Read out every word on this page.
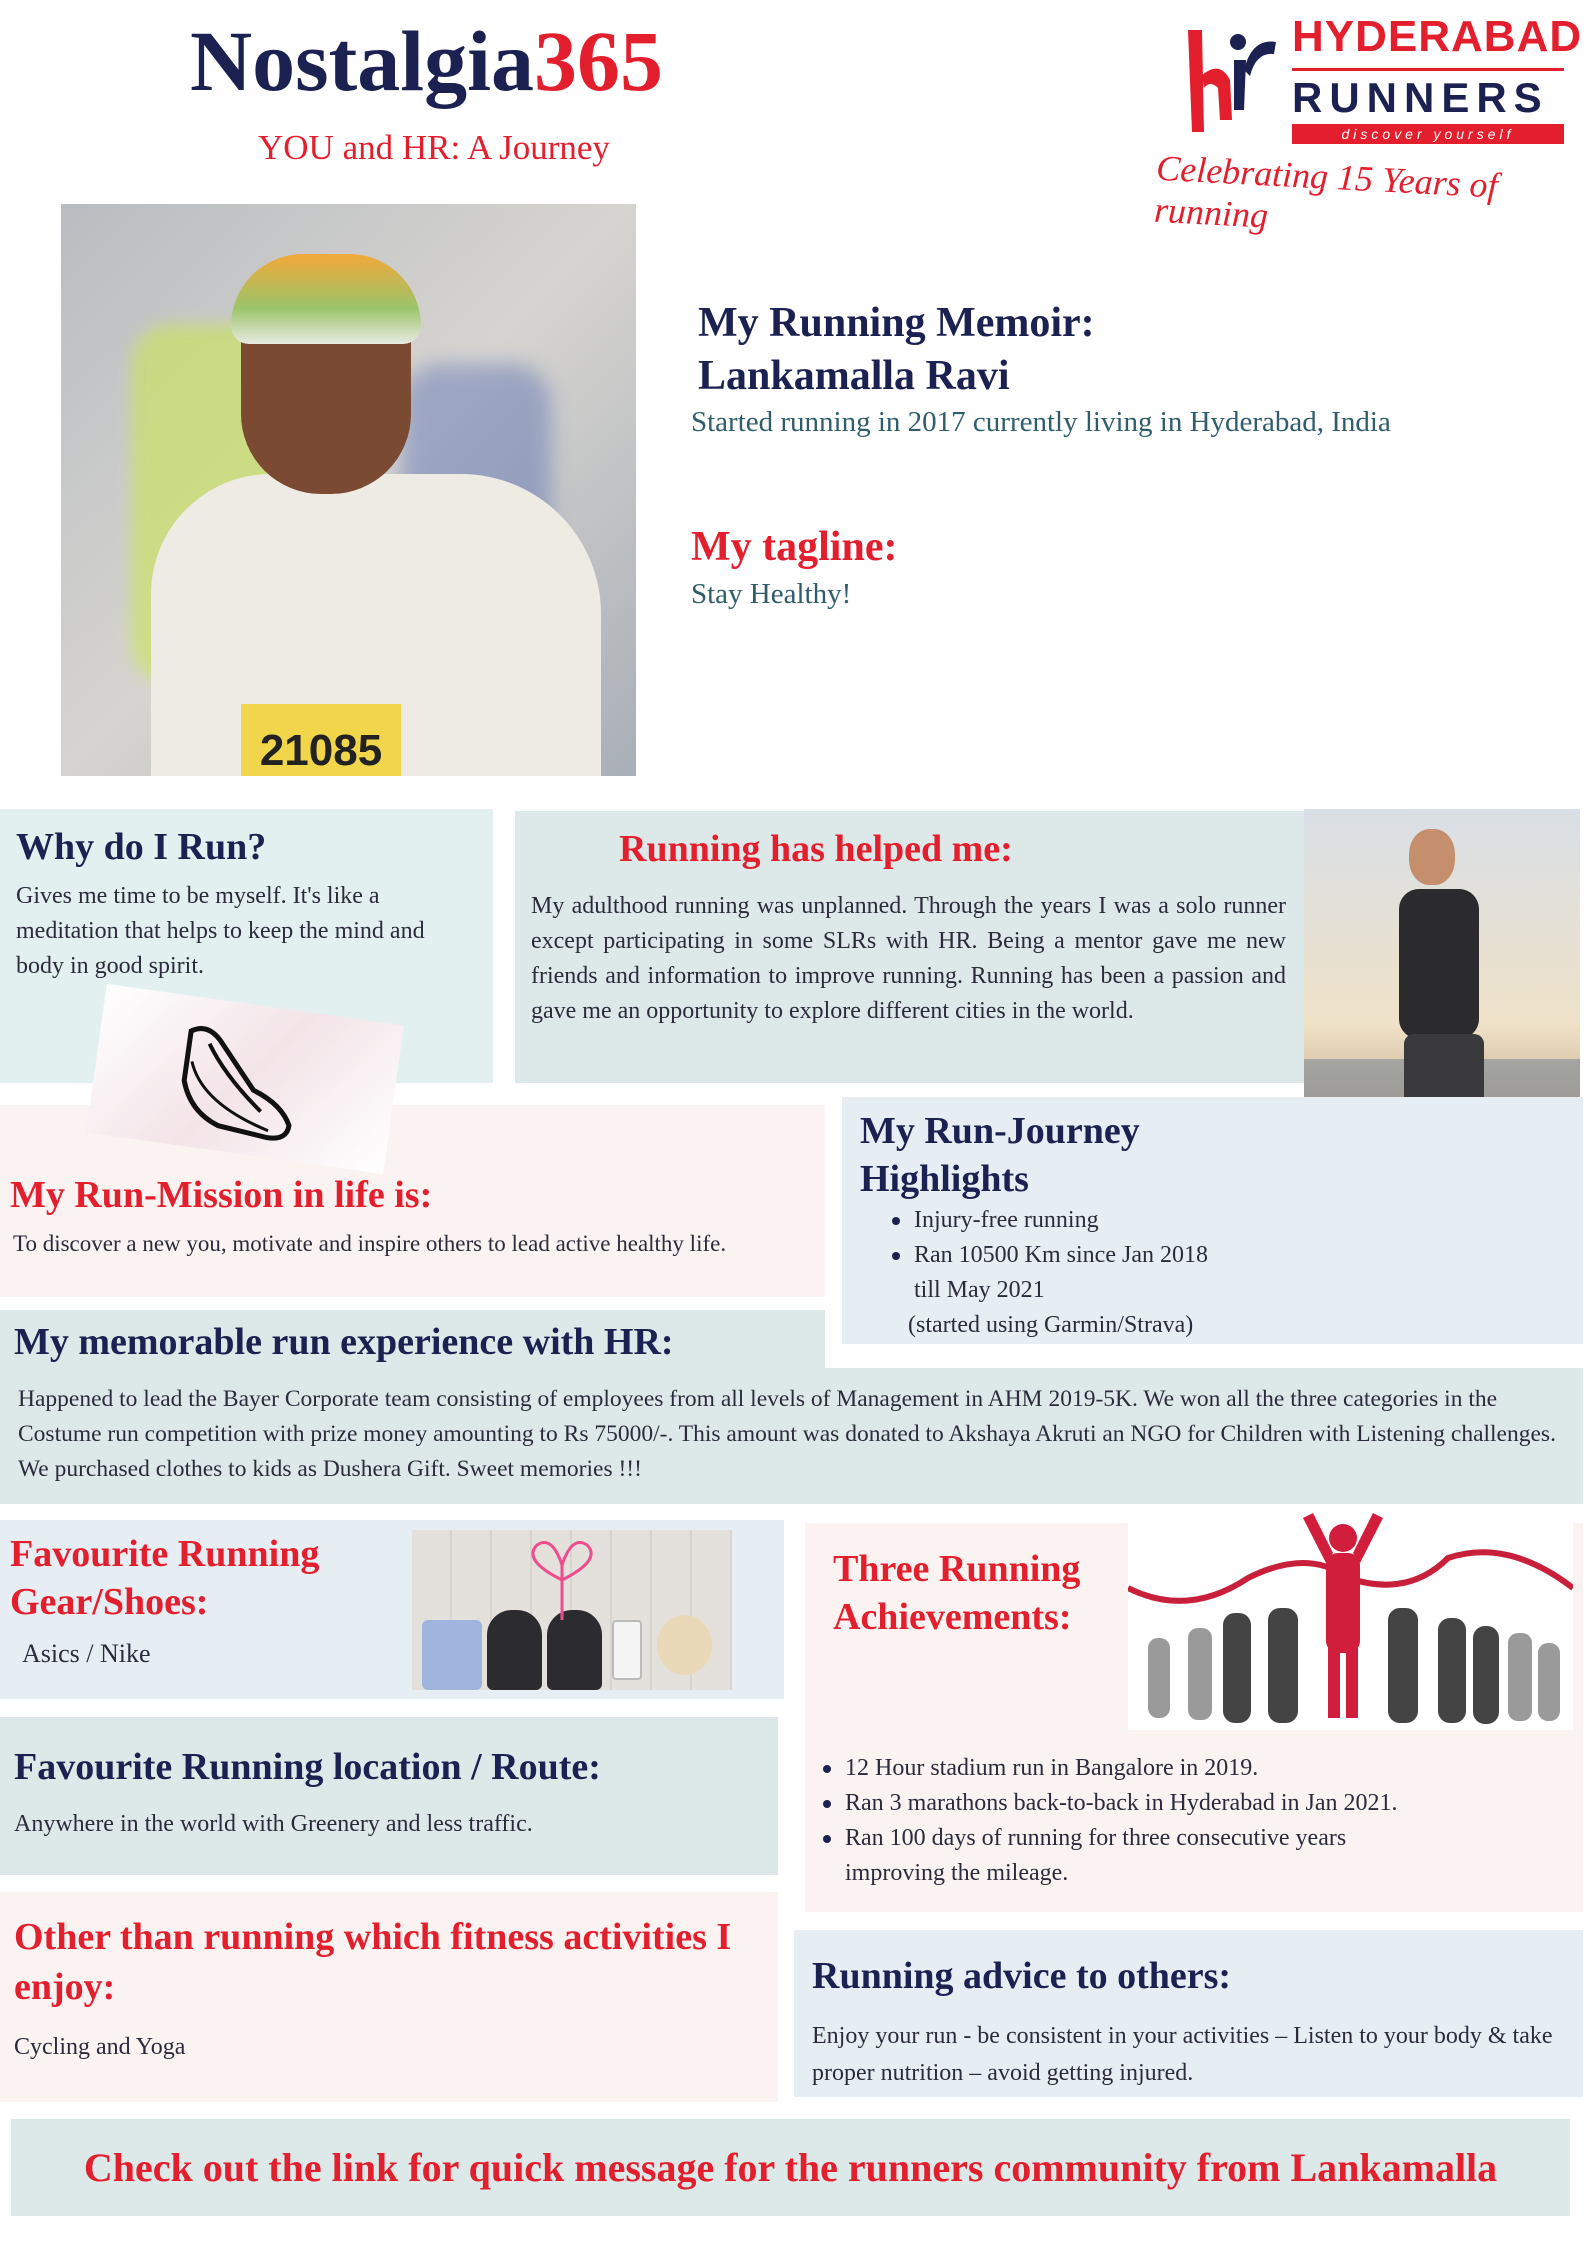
Nostalgia365
YOU and HR: A Journey
HYDERABAD
RUNNERS
discover yourself
Celebrating 15 Years of running
21085
My Running Memoir:
Lankamalla Ravi
Started running in 2017 currently living in Hyderabad, India
My tagline:
Stay Healthy!
Why do I Run?
Gives me time to be myself. It's like a meditation that helps to keep the mind and body in good spirit.
Running has helped me:
My adulthood running was unplanned. Through the years I was a solo runner except participating in some SLRs with HR. Being a mentor gave me new friends and information to improve running. Running has been a passion and gave me an opportunity to explore different cities in the world.
My Run-Mission in life is:
To discover a new you, motivate and inspire others to lead active healthy life.
My Run-Journey Highlights
Injury-free running
Ran 10500 Km since Jan 2018 till May 2021
(started using Garmin/Strava)
My memorable run experience with HR:
Happened to lead the Bayer Corporate team consisting of employees from all levels of Management in AHM 2019-5K. We won all the three categories in the Costume run competition with prize money amounting to Rs 75000/-. This amount was donated to Akshaya Akruti an NGO for Children with Listening challenges. We purchased clothes to kids as Dushera Gift. Sweet memories !!!
Favourite Running Gear/Shoes:
Asics / Nike
Three Running Achievements:
12 Hour stadium run in Bangalore in 2019.
Ran 3 marathons back-to-back in Hyderabad in Jan 2021.
Ran 100 days of running for three consecutive years improving the mileage.
Favourite Running location / Route:
Anywhere in the world with Greenery and less traffic.
Other than running which fitness activities I enjoy:
Cycling and Yoga
Running advice to others:
Enjoy your run - be consistent in your activities – Listen to your body & take proper nutrition – avoid getting injured.
Check out the link for quick message for the runners community from Lankamalla
